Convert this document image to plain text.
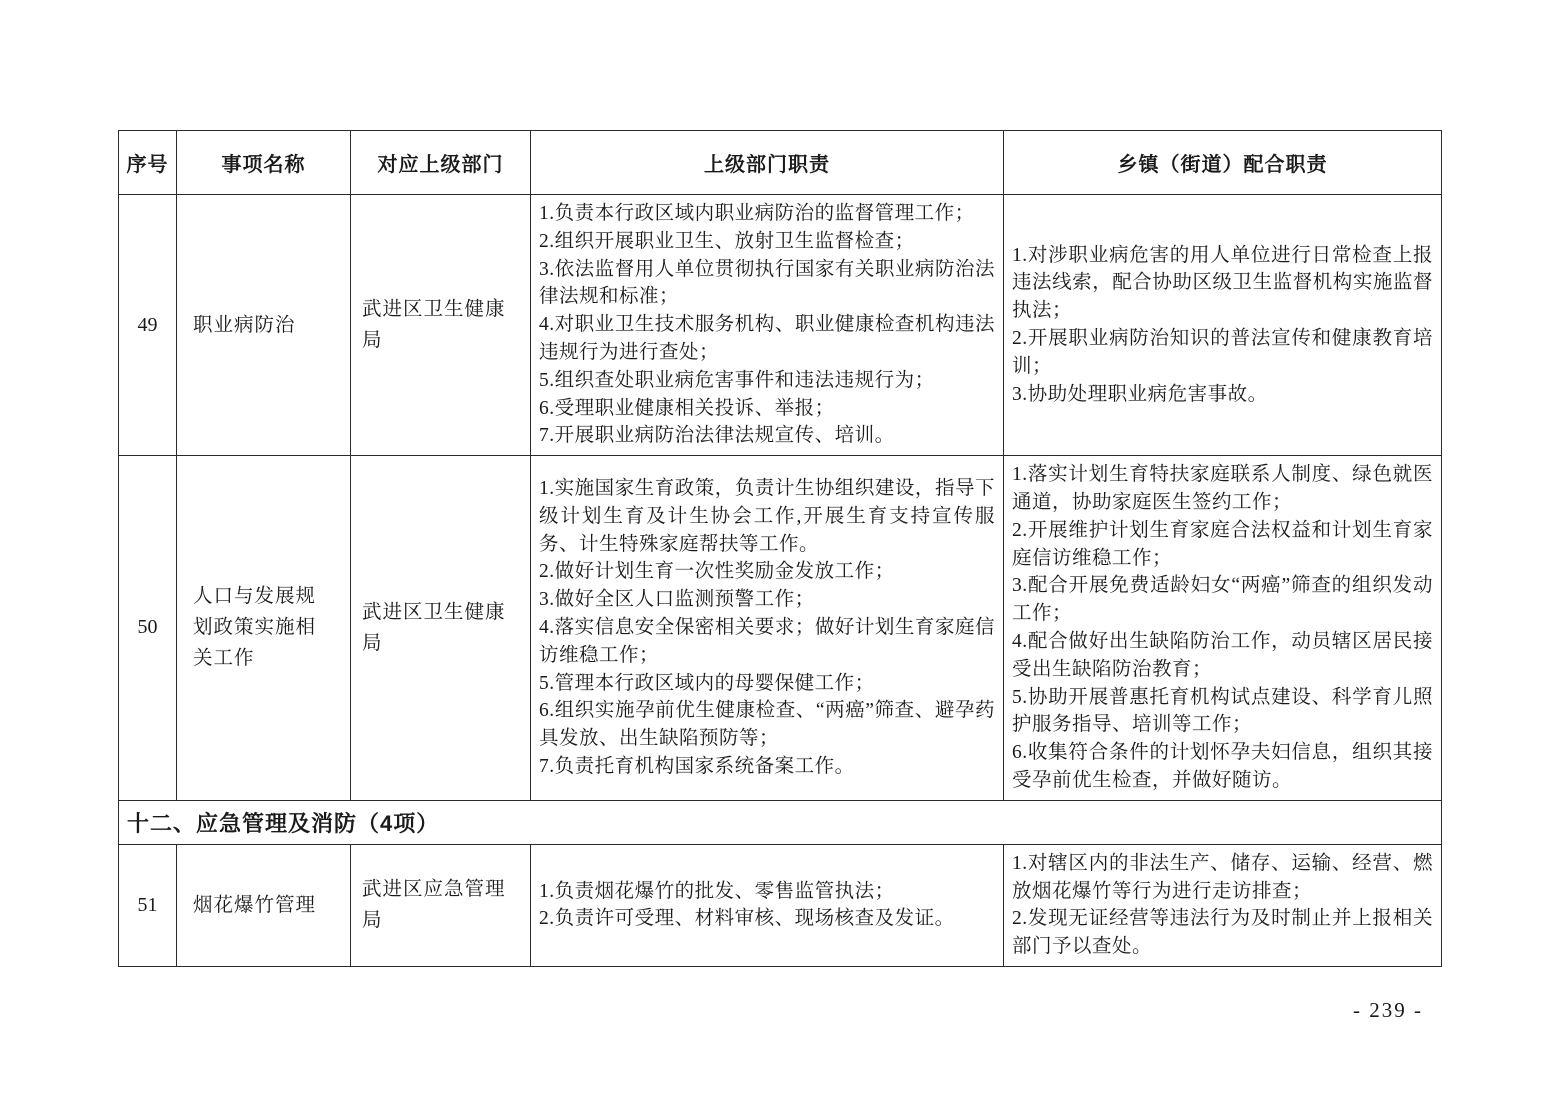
序号	事项名称	对应上级部门	上级部门职责	乡镇（街道）配合职责
49	职业病防治	武进区卫生健康局	
1.负责本行政区域内职业病防治的监督管理工作；
2.组织开展职业卫生、放射卫生监督检查；
3.依法监督用人单位贯彻执行国家有关职业病防治法律法规和标准；
4.对职业卫生技术服务机构、职业健康检查机构违法违规行为进行查处；
5.组织查处职业病危害事件和违法违规行为；
6.受理职业健康相关投诉、举报；
7.开展职业病防治法律法规宣传、培训。

1.对涉职业病危害的用人单位进行日常检查上报违法线索，配合协助区级卫生监督机构实施监督执法；
2.开展职业病防治知识的普法宣传和健康教育培训；
3.协助处理职业病危害事故。

50	人口与发展规划政策实施相关工作	武进区卫生健康局	
1.实施国家生育政策，负责计生协组织建设，指导下级计划生育及计生协会工作,开展生育支持宣传服务、计生特殊家庭帮扶等工作。
2.做好计划生育一次性奖励金发放工作；
3.做好全区人口监测预警工作；
4.落实信息安全保密相关要求；做好计划生育家庭信访维稳工作；
5.管理本行政区域内的母婴保健工作；
6.组织实施孕前优生健康检查、“两癌”筛查、避孕药具发放、出生缺陷预防等；
7.负责托育机构国家系统备案工作。

1.落实计划生育特扶家庭联系人制度、绿色就医通道，协助家庭医生签约工作；
2.开展维护计划生育家庭合法权益和计划生育家庭信访维稳工作；
3.配合开展免费适龄妇女“两癌”筛查的组织发动工作；
4.配合做好出生缺陷防治工作，动员辖区居民接受出生缺陷防治教育；
5.协助开展普惠托育机构试点建设、科学育儿照护服务指导、培训等工作；
6.收集符合条件的计划怀孕夫妇信息，组织其接受孕前优生检查，并做好随访。

十二、应急管理及消防（4项）				
51	烟花爆竹管理	武进区应急管理局	
1.负责烟花爆竹的批发、零售监管执法；
2.负责许可受理、材料审核、现场核查及发证。

1.对辖区内的非法生产、储存、运输、经营、燃放烟花爆竹等行为进行走访排查；
2.发现无证经营等违法行为及时制止并上报相关部门予以查处。
- 239 -
